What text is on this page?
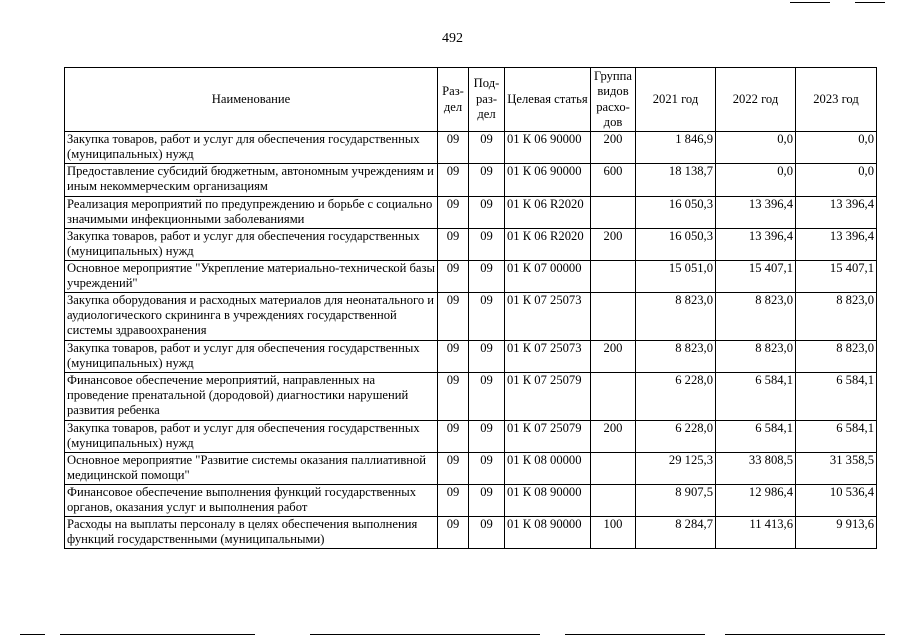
492
Наименование	Раз-дел	Под-раз-дел	Целевая статья	Группа видов расхо-дов	2021 год	2022 год	2023 год
Закупка товаров, работ и услуг для обеспечения государственных (муниципальных) нужд	09	09	01 К 06 90000	200	1 846,9	0,0	0,0
Предоставление субсидий бюджетным, автономным учреждениям и иным некоммерческим организациям	09	09	01 К 06 90000	600	18 138,7	0,0	0,0
Реализация мероприятий по предупреждению и борьбе с социально значимыми инфекционными заболеваниями	09	09	01 К 06 R2020		16 050,3	13 396,4	13 396,4
Закупка товаров, работ и услуг для обеспечения государственных (муниципальных) нужд	09	09	01 К 06 R2020	200	16 050,3	13 396,4	13 396,4
Основное мероприятие "Укрепление материально-технической базы учреждений"	09	09	01 К 07 00000		15 051,0	15 407,1	15 407,1
Закупка оборудования и расходных материалов для неонатального и аудиологического скрининга в учреждениях государственной системы здравоохранения	09	09	01 К 07 25073		8 823,0	8 823,0	8 823,0
Закупка товаров, работ и услуг для обеспечения государственных (муниципальных) нужд	09	09	01 К 07 25073	200	8 823,0	8 823,0	8 823,0
Финансовое обеспечение мероприятий, направленных на проведение пренатальной (дородовой) диагностики нарушений развития ребенка	09	09	01 К 07 25079		6 228,0	6 584,1	6 584,1
Закупка товаров, работ и услуг для обеспечения государственных (муниципальных) нужд	09	09	01 К 07 25079	200	6 228,0	6 584,1	6 584,1
Основное мероприятие "Развитие системы оказания паллиативной медицинской помощи"	09	09	01 К 08 00000		29 125,3	33 808,5	31 358,5
Финансовое обеспечение выполнения функций государственных органов, оказания услуг и выполнения работ	09	09	01 К 08 90000		8 907,5	12 986,4	10 536,4
Расходы на выплаты персоналу в целях обеспечения выполнения функций государственными (муниципальными)	09	09	01 К 08 90000	100	8 284,7	11 413,6	9 913,6
